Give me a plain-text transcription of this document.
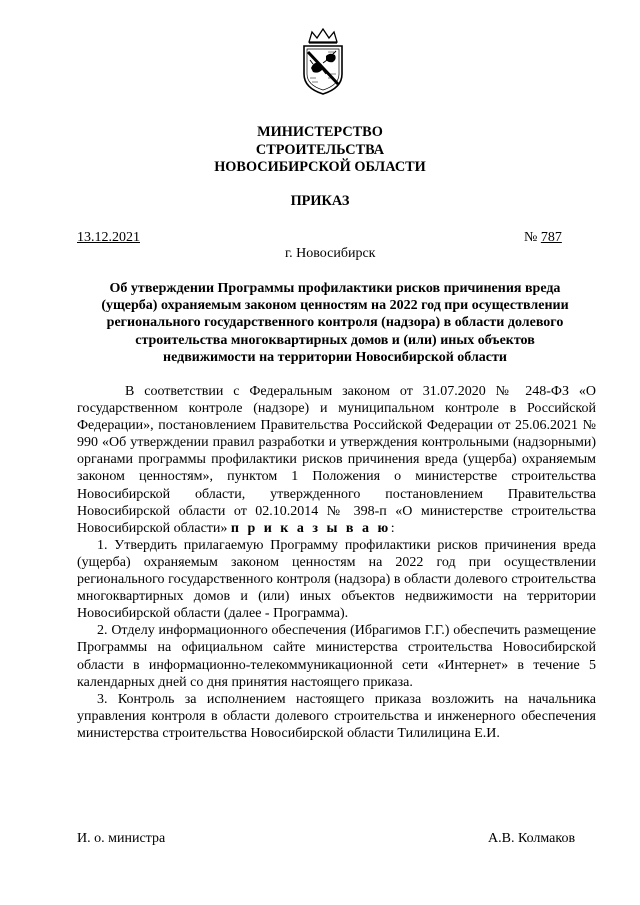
МИНИСТЕРСТВО
СТРОИТЕЛЬСТВА
НОВОСИБИРСКОЙ ОБЛАСТИ
ПРИКАЗ
13.12.2021	№ 787
г. Новосибирск
Об утверждении Программы профилактики рисков причинения вреда
(ущерба) охраняемым законом ценностям на 2022 год при осуществлении
регионального государственного контроля (надзора) в области долевого
строительства многоквартирных домов и (или) иных объектов
недвижимости на территории Новосибирской области

В соответствии с Федеральным законом от 31.07.2020 № 248-ФЗ «О государственном контроле (надзоре) и муниципальном контроле в Российской Федерации», постановлением Правительства Российской Федерации от 25.06.2021 № 990 «Об утверждении правил разработки и утверждения контрольными (надзорными) органами программы профилактики рисков причинения вреда (ущерба) охраняемым законом ценностям», пунктом 1 Положения о министерстве строительства Новосибирской области, утвержденного постановлением Правительства Новосибирской области от 02.10.2014 № 398-п «О министерстве строительства Новосибирской области» п р и к а з ы в а ю:

1. Утвердить прилагаемую Программу профилактики рисков причинения вреда (ущерба) охраняемым законом ценностям на 2022 год при осуществлении регионального государственного контроля (надзора) в области долевого строительства многоквартирных домов и (или) иных объектов недвижимости на территории Новосибирской области (далее - Программа).

2. Отделу информационного обеспечения (Ибрагимов Г.Г.) обеспечить размещение Программы на официальном сайте министерства строительства Новосибирской области в информационно-телекоммуникационной сети «Интернет» в течение 5 календарных дней со дня принятия настоящего приказа.

3. Контроль за исполнением настоящего приказа возложить на начальника управления контроля в области долевого строительства и инженерного обеспечения министерства строительства Новосибирской области Тилилицина Е.И.

И. о. министра	А.В. Колмаков
